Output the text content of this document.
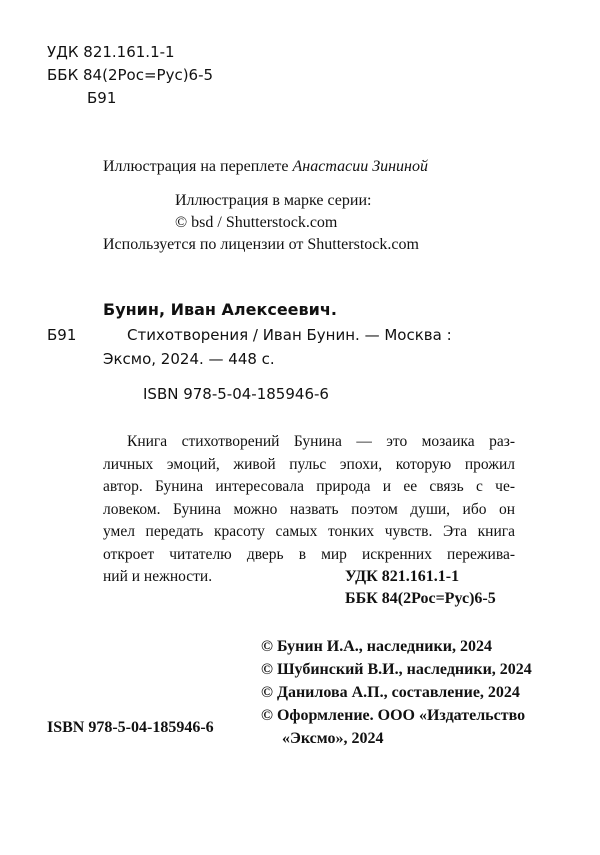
УДК 821.161.1-1
ББК 84(2Рос=Рус)6-5
Б91
Иллюстрация на переплете Анастасии Зининой
Иллюстрация в марке серии:
© bsd / Shutterstock.com
Используется по лицензии от Shutterstock.com
Бунин, Иван Алексеевич.
Б91	Стихотворения / Иван Бунин. — Москва :
Эксмо, 2024. — 448 с.
ISBN 978-5-04-185946-6
Книга стихотворений Бунина — это мозаика раз-
личных эмоций, живой пульс эпохи, которую прожил
автор. Бунина интересовала природа и ее связь с че-
ловеком. Бунина можно назвать поэтом души, ибо он
умел передать красоту самых тонких чувств. Эта книга
откроет читателю дверь в мир искренних пережива-
ний и нежности.	УДК 821.161.1-1
ББК 84(2Рос=Рус)6-5
© Бунин И.А., наследники, 2024
© Шубинский В.И., наследники, 2024
© Данилова А.П., составление, 2024
© Оформление. ООО «Издательство
«Эксмо», 2024
ISBN 978-5-04-185946-6
